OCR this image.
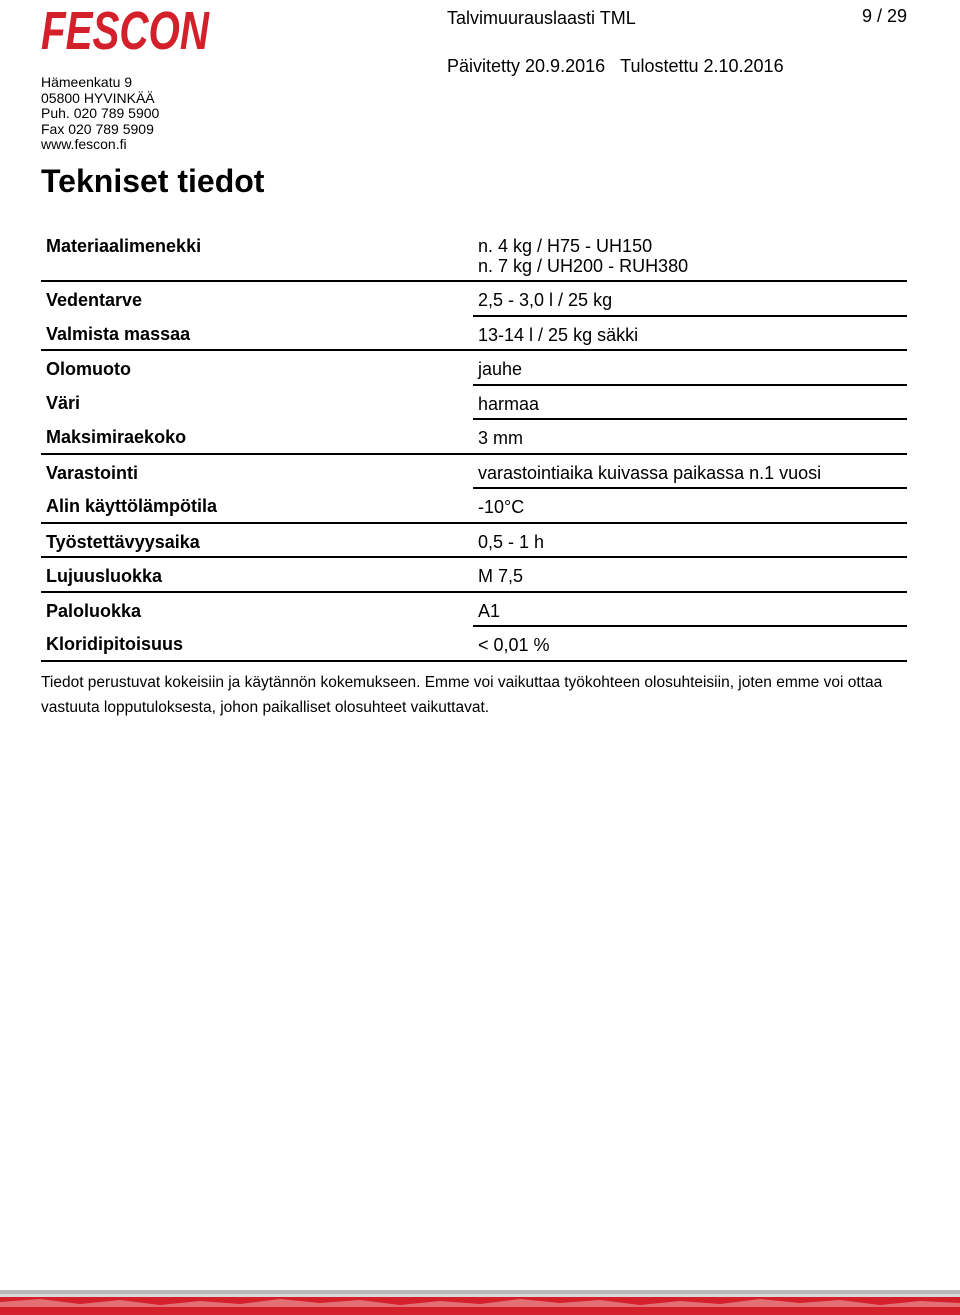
FESCON
Hämeenkatu 9
05800 HYVINKÄÄ
Puh. 020 789 5900
Fax 020 789 5909
www.fescon.fi
Talvimuurauslaasti TML	9 / 29
Päivitetty 20.9.2016 Tulostettu 2.10.2016
Tekniset tiedot
Materiaalimenekki	n. 4 kg / H75 - UH150
n. 7 kg / UH200 - RUH380

Vedentarve	2,5 - 3,0 l / 25 kg
Valmista massaa	13-14 l / 25 kg säkki
Olomuoto	jauhe
Väri	harmaa
Maksimiraekoko	3 mm
Varastointi	varastointiaika kuivassa paikassa n.1 vuosi
Alin käyttölämpötila	-10°C
Työstettävyysaika	0,5 - 1 h
Lujuusluokka	M 7,5
Paloluokka	A1
Kloridipitoisuus	< 0,01 %
Tiedot perustuvat kokeisiin ja käytännön kokemukseen. Emme voi vaikuttaa työkohteen olosuhteisiin, joten emme voi ottaa vastuuta lopputuloksesta, johon paikalliset olosuhteet vaikuttavat.
